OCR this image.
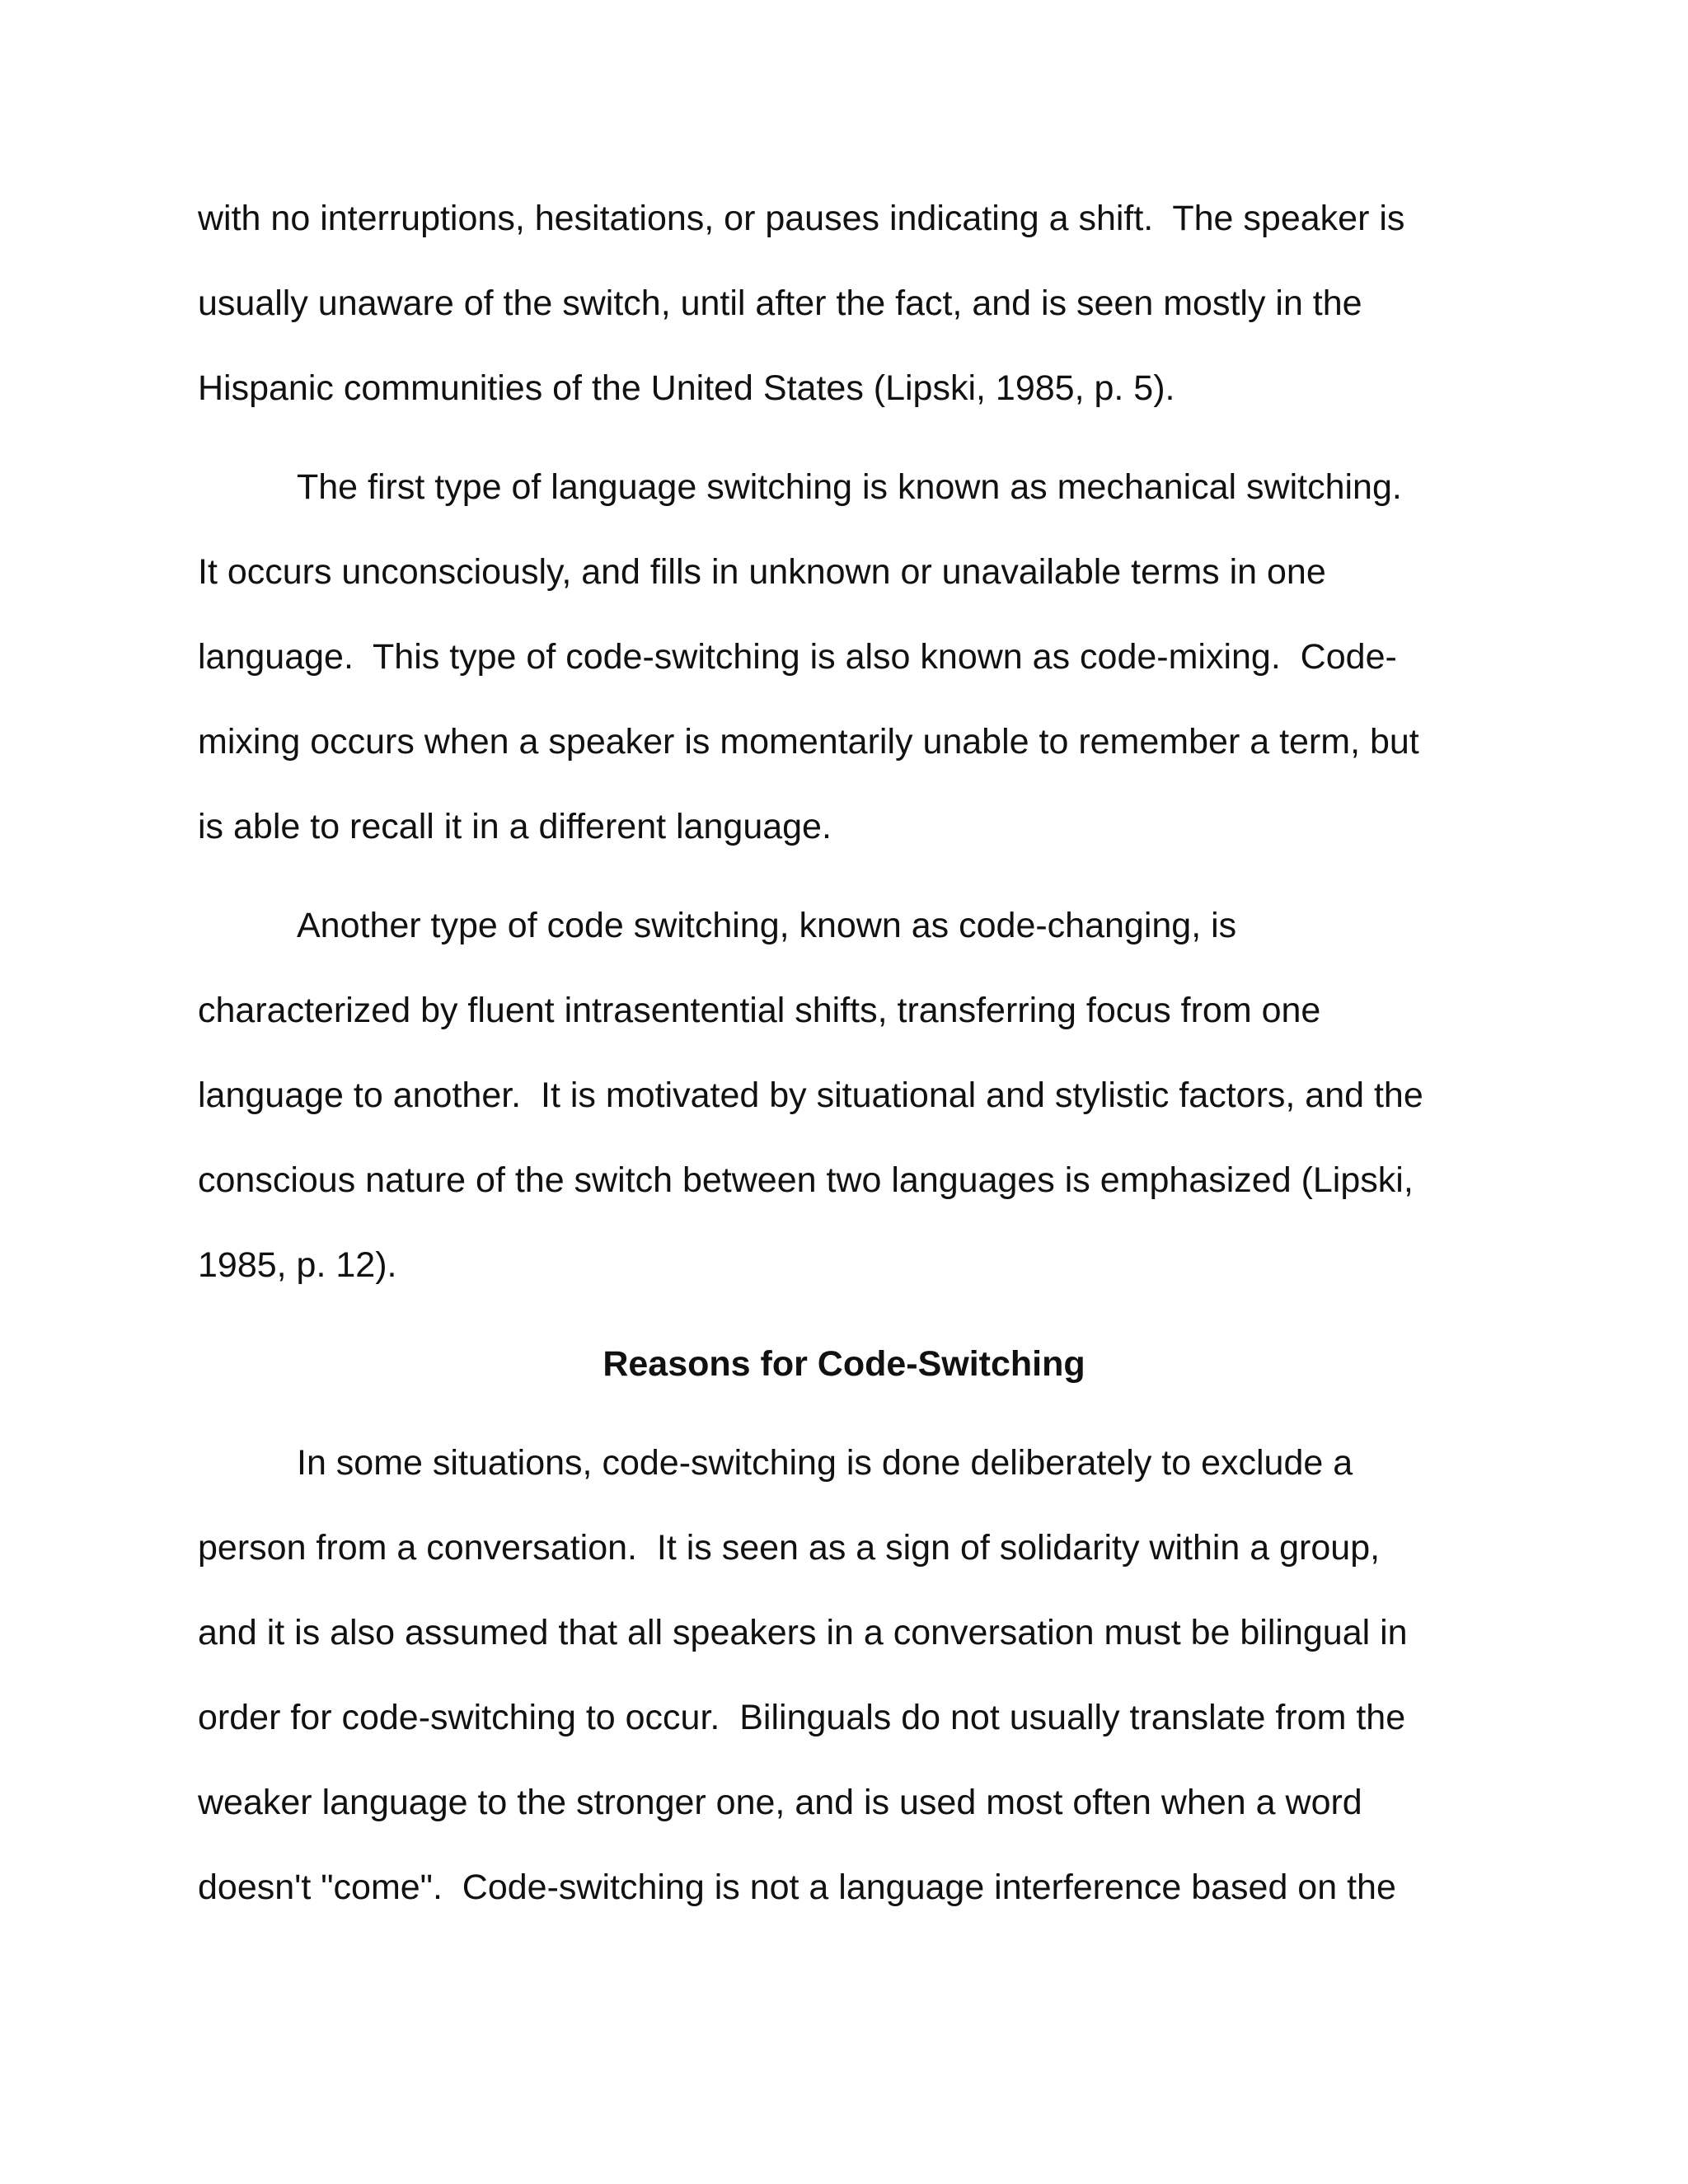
with no interruptions, hesitations, or pauses indicating a shift.  The speaker is
usually unaware of the switch, until after the fact, and is seen mostly in the
Hispanic communities of the United States (Lipski, 1985, p. 5).
The first type of language switching is known as mechanical switching.
It occurs unconsciously, and fills in unknown or unavailable terms in one
language.  This type of code-switching is also known as code-mixing.  Code-
mixing occurs when a speaker is momentarily unable to remember a term, but
is able to recall it in a different language.
Another type of code switching, known as code-changing, is
characterized by fluent intrasentential shifts, transferring focus from one
language to another.  It is motivated by situational and stylistic factors, and the
conscious nature of the switch between two languages is emphasized (Lipski,
1985, p. 12).
Reasons for Code-Switching
In some situations, code-switching is done deliberately to exclude a
person from a conversation.  It is seen as a sign of solidarity within a group,
and it is also assumed that all speakers in a conversation must be bilingual in
order for code-switching to occur.  Bilinguals do not usually translate from the
weaker language to the stronger one, and is used most often when a word
doesn't "come".  Code-switching is not a language interference based on the
